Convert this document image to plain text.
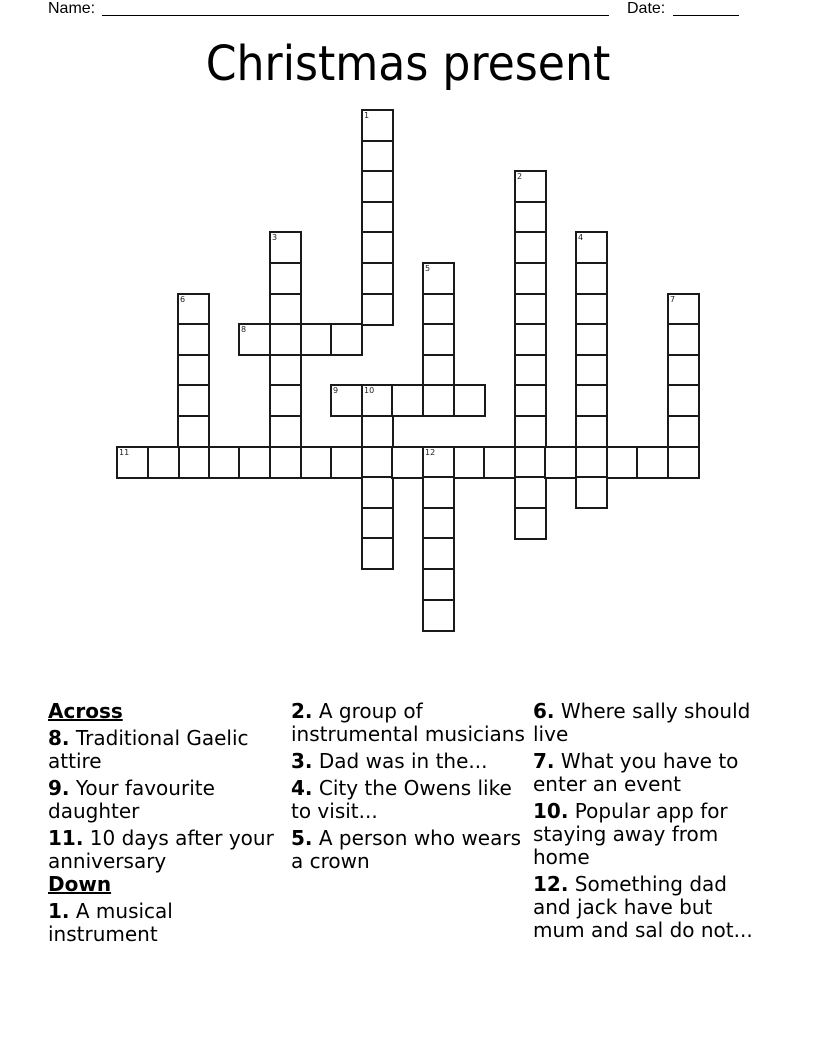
Name:	Date:
Christmas present
1
2
3	4
5
6	7
8
9	10
11	12
Across
8. Traditional Gaelic attire
9. Your favourite daughter
11. 10 days after your anniversary
Down
1. A musical instrument
2. A group of instrumental musicians
3. Dad was in the...
4. City the Owens like to visit...
5. A person who wears a crown
6. Where sally should live
7. What you have to enter an event
10. Popular app for staying away from home
12. Something dad and jack have but mum and sal do not...
